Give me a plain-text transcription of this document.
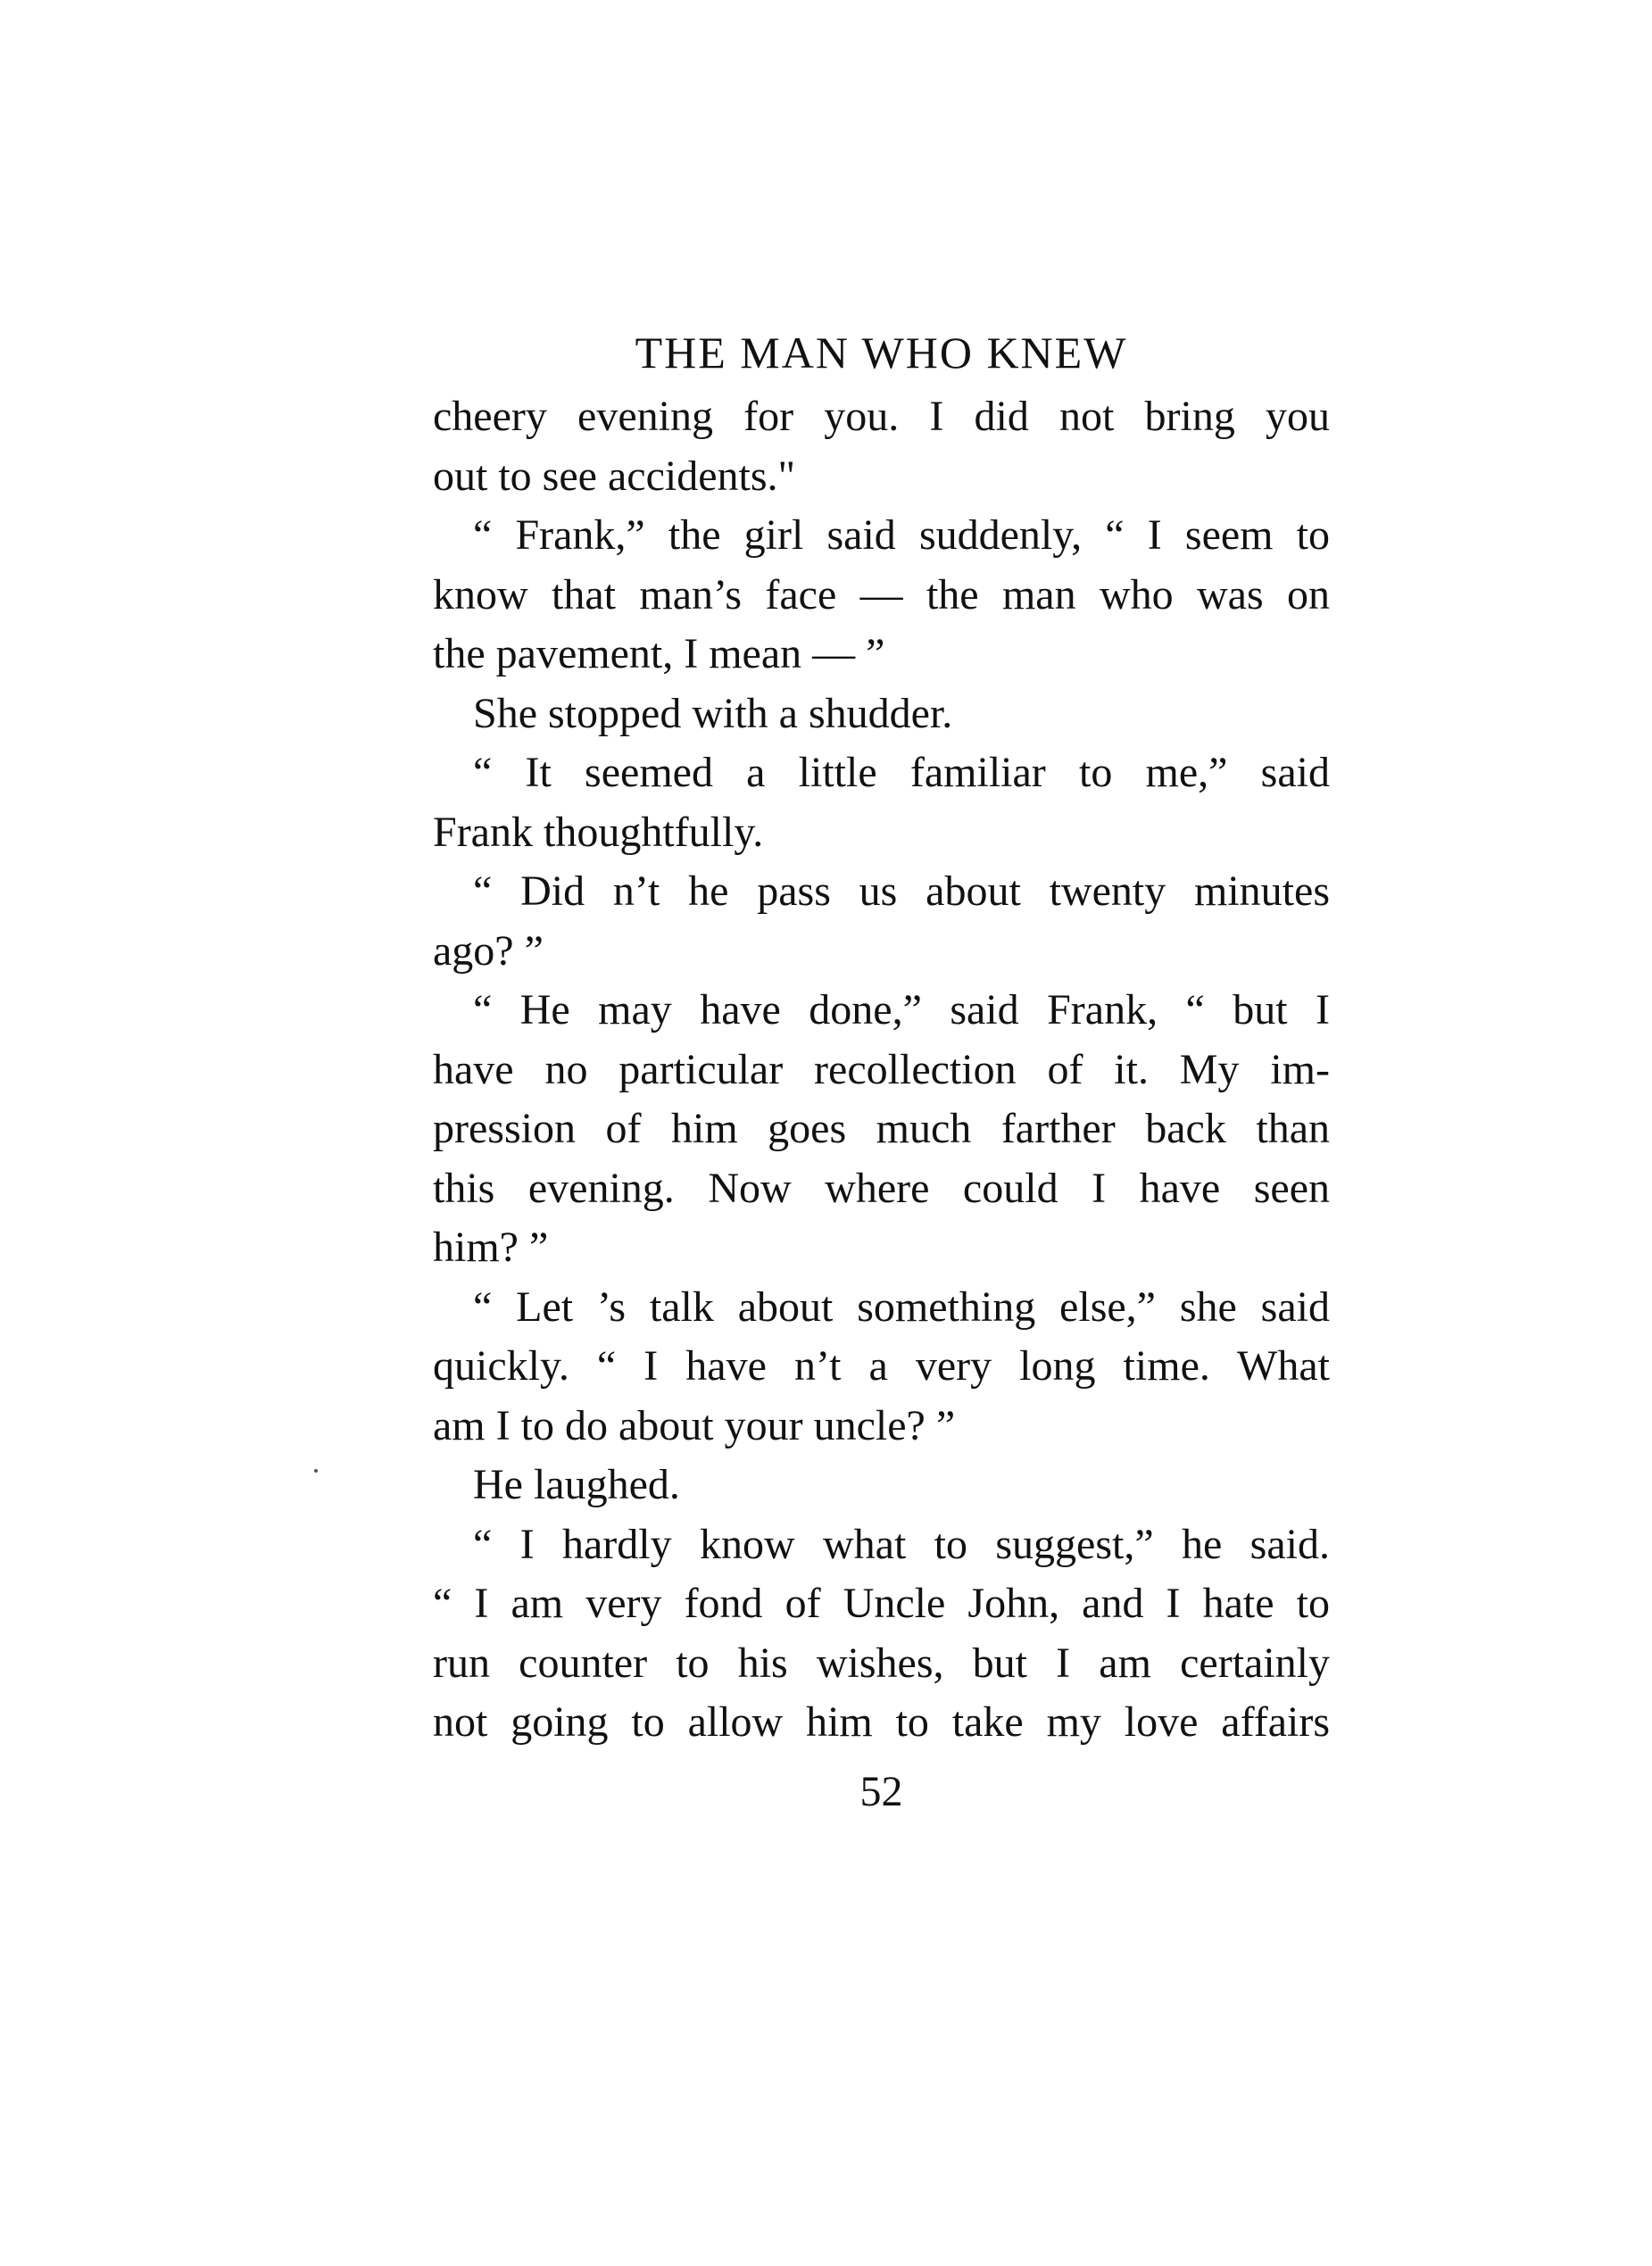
THE MAN WHO KNEW
cheery evening for you. I did not bring you
out to see accidents."
“ Frank,” the girl said suddenly, “ I seem to
know that man’s face — the man who was on
the pavement, I mean — ”
She stopped with a shudder.
“ It seemed a little familiar to me,” said
Frank thoughtfully.
“ Did n’t he pass us about twenty minutes
ago? ”
“ He may have done,” said Frank, “ but I
have no particular recollection of it. My im-
pression of him goes much farther back than
this evening. Now where could I have seen
him? ”
“ Let ’s talk about something else,” she said
quickly. “ I have n’t a very long time. What
am I to do about your uncle? ”
He laughed.
“ I hardly know what to suggest,” he said.
“ I am very fond of Uncle John, and I hate to
run counter to his wishes, but I am certainly
not going to allow him to take my love affairs
52
